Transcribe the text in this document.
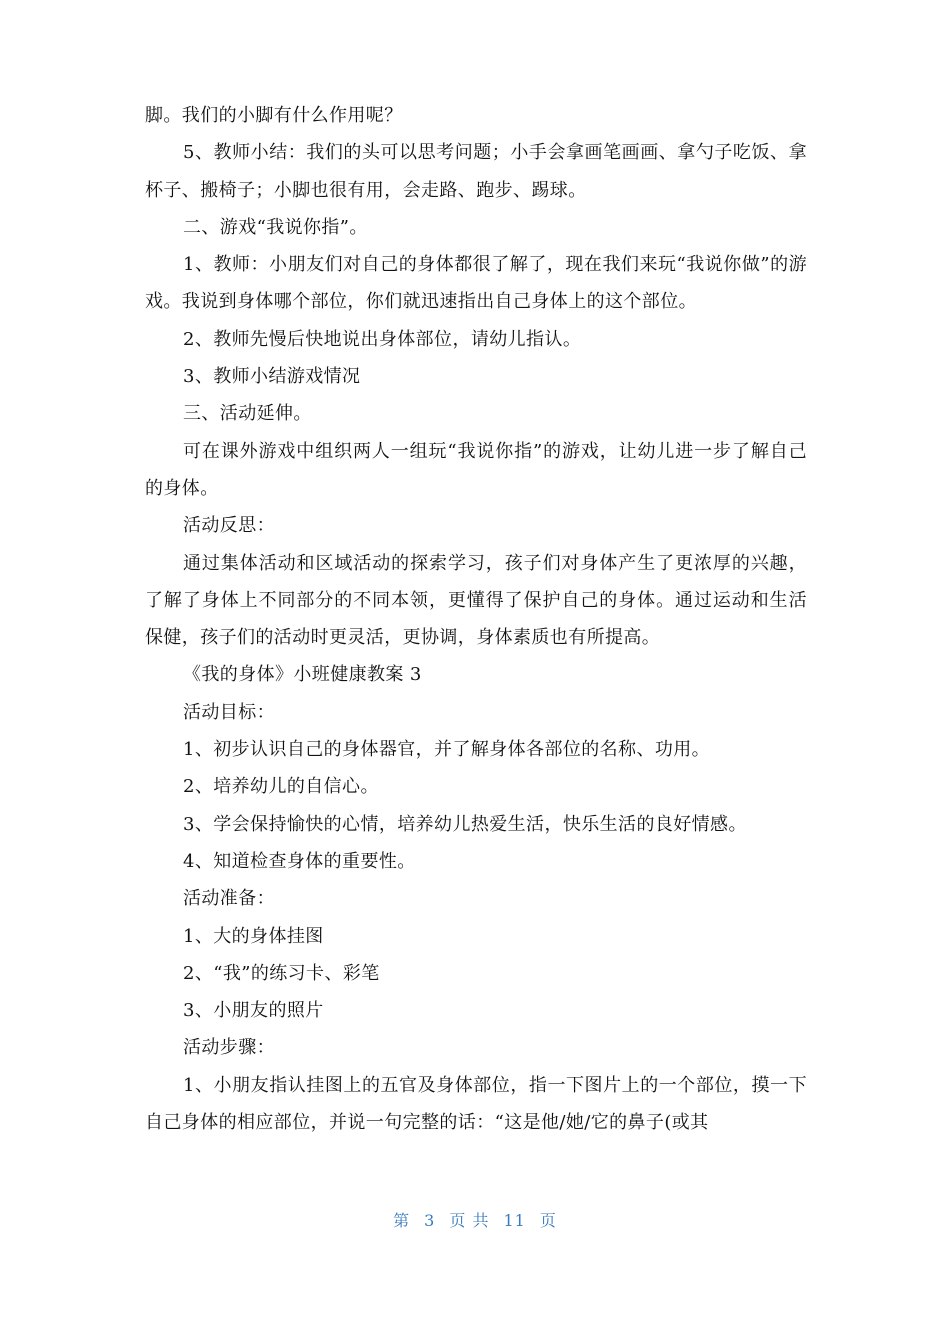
脚。我们的小脚有什么作用呢？

5、教师小结：我们的头可以思考问题；小手会拿画笔画画、拿勺子吃饭、拿杯子、搬椅子；小脚也很有用，会走路、跑步、踢球。

二、游戏“我说你指”。

1、教师：小朋友们对自己的身体都很了解了，现在我们来玩“我说你做”的游戏。我说到身体哪个部位，你们就迅速指出自己身体上的这个部位。

2、教师先慢后快地说出身体部位，请幼儿指认。

3、教师小结游戏情况

三、活动延伸。

可在课外游戏中组织两人一组玩“我说你指”的游戏，让幼儿进一步了解自己的身体。

活动反思：

通过集体活动和区域活动的探索学习，孩子们对身体产生了更浓厚的兴趣，了解了身体上不同部分的不同本领，更懂得了保护自己的身体。通过运动和生活保健，孩子们的活动时更灵活，更协调，身体素质也有所提高。

《我的身体》小班健康教案 3

活动目标：

1、初步认识自己的身体器官，并了解身体各部位的名称、功用。

2、培养幼儿的自信心。

3、学会保持愉快的心情，培养幼儿热爱生活，快乐生活的良好情感。

4、知道检查身体的重要性。

活动准备：

1、大的身体挂图

2、“我”的练习卡、彩笔

3、小朋友的照片

活动步骤：

1、小朋友指认挂图上的五官及身体部位，指一下图片上的一个部位，摸一下自己身体的相应部位，并说一句完整的话：“这是他/她/它的鼻子(或其

第 3 页 共 11 页
